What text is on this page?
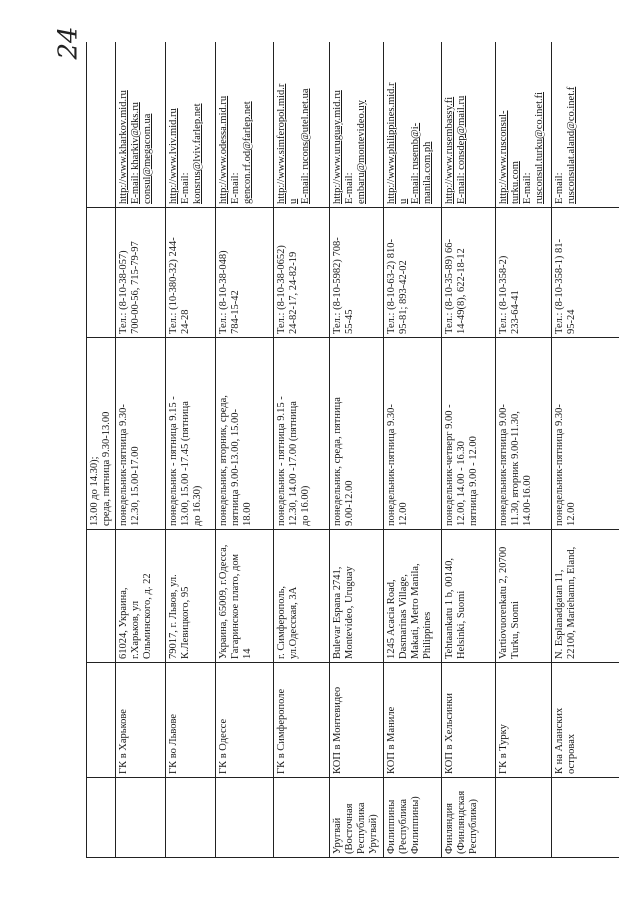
24
			13.00 до 14.30);
среда, пятница 9.30-13.00		
	ГК в Харькове	61024, Украина,
г.Харьков, ул
Ольминского, д. 22	понедельник-пятница 9.30-
12.30, 15.00-17.00	Тел.: (8-10-38-057)
700-00-56, 715-79-97	http://www.kharkov.mid.ru
E-mail: kharkiv@dks.ru
consul@megacom.ua
	ГК во Львове	79017, г. Львов, ул.
К.Левицкого, 95	понедельник - пятница 9.15 -
13.00, 15.00 -17.45 (пятница
до 16.30)	Тел.: (10-380-32) 244-
24-28	http://www.lviv.mid.ru
E-mail:
konsrus@lviv.farlep.net
	ГК в Одессе	Украина, 65009, г.Одесса,
Гагаринское плато, дом
14	понедельник, вторник, среда,
пятница 9.00-13.00, 15.00-
18.00	Тел.: (8-10-38-048)
784-15-42	http://www.odessa.mid.ru
E-mail:
gencon.rf.od@farlep.net
	ГК в Симферополе	г. Симферополь,
ул.Одесская, 3А	понедельник - пятница 9.15 -
12.30, 14.00 -17.00 (пятница
до 16.00)	Тел.: (8-10-38-0652)
24-82-17, 24-82-19	http://www.simferopol.mid.r
u
E-mail: rucons@utel.net.ua
Уругвай
(Восточная
Республика
Уругвай)	КОП в Монтевидео	Bulevar Espana 2741,
Montevideo, Uruguay	понедельник, среда, пятница
9.00-12.00	Тел.: (8-10-5982) 708-
55-45	http://www.uruguay.mid.ru
E-mail:
embaru@montevideo.uy
Филиппины
(Республика
Филиппины)	КОП в Маниле	1245 Acacia Road,
Dasmarinas Village,
Makati, Metro Manila,
Philippines	понедельник-пятница 9.30-
12.00	Тел.: (8-10-63-2) 810-
95-81; 893-42-02	http://www.philippines.mid.r
u
E-mail: rusemb@i-
manila.com.ph
Финляндия
(Финляндская
Республика)	КОП в Хельсинки	Tehtaankatu 1 b, 00140,
Helsinki, Suomi	понедельник-четверг 9.00 -
12.00, 14.00 - 16.30
пятница 9.00 - 12.00	Тел.: (8-10-35-89) 66-
14-49(8), 622-18-12	http://www.rusembassy.fi
E-mail: consdep@mail.ru
	ГК в Турку	Vartiovuorenkatu 2, 20700
Turku, Suomi	понедельник-пятница 9.00-
11.30, вторник 9.00-11.30,
14.00-16.00	Тел.: (8-10-358-2)
233-64-41	http://www.rusconsul-
turku.com
E-mail:
rusconsul.turku@co.inet.fi
	К на Аланских
островах	N. Esplanadgatan 11,
22100, Mariehamn, Eland,	понедельник-пятница 9.30-
12.00	Тел.: (8-10-358-1) 81-
95-24	E-mail:
rusconsulat.aland@co.inet.f
